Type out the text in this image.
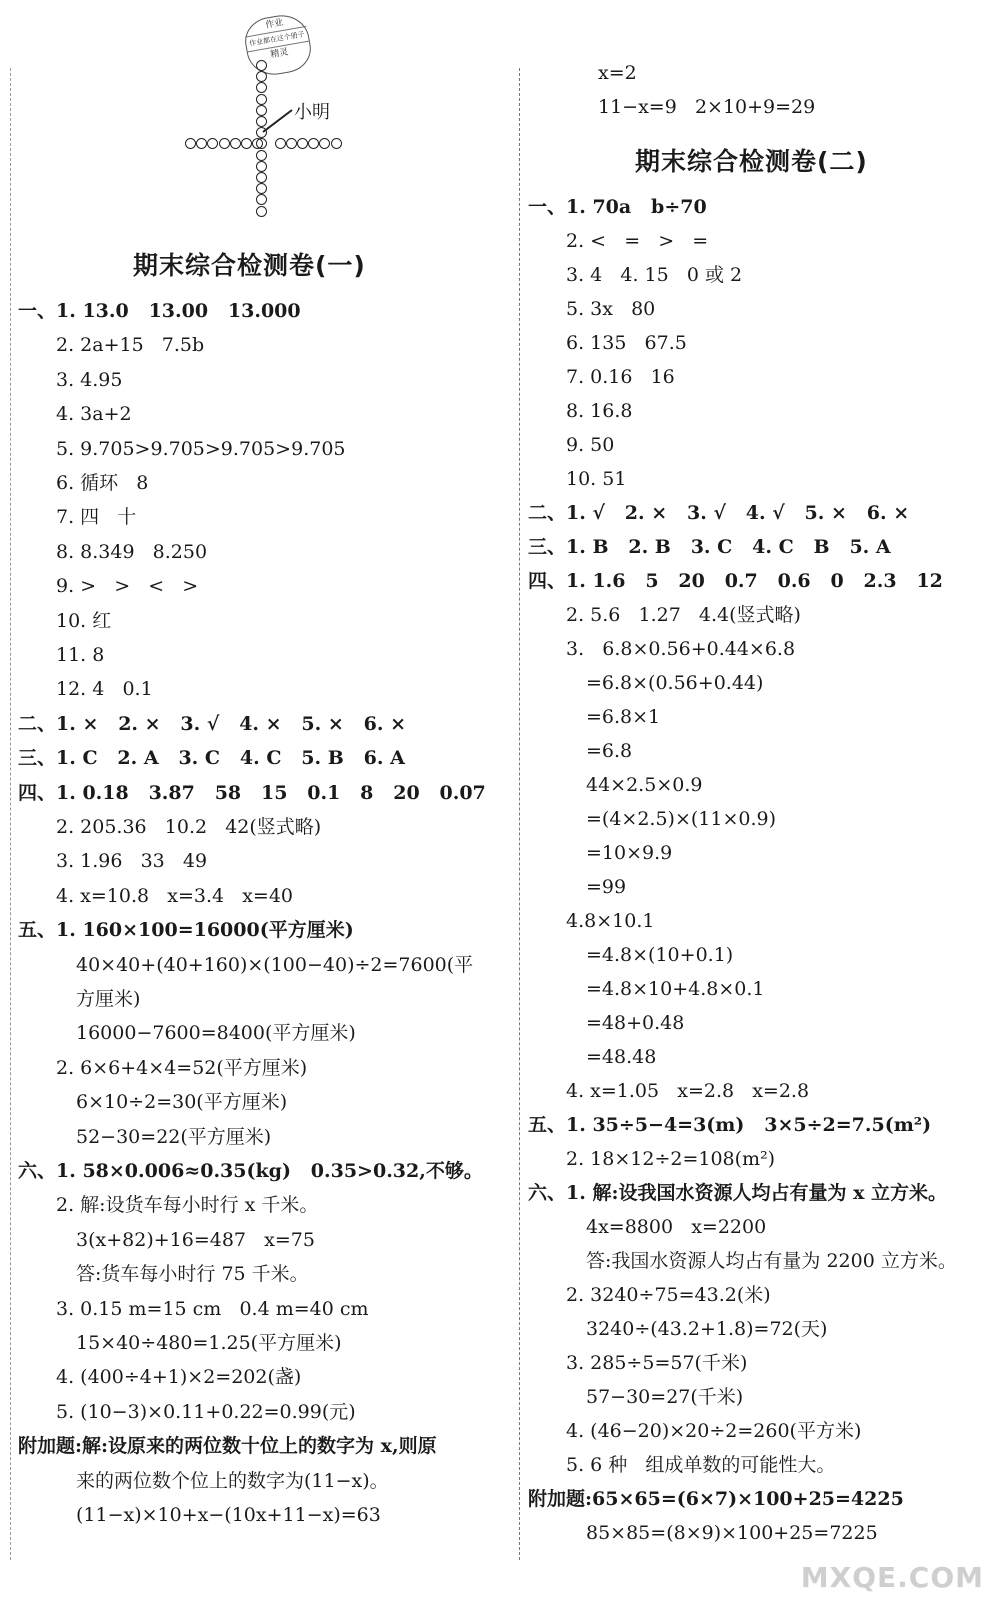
作业
作业都在这个册子
精灵
小明
期末综合检测卷(一)
一、1. 13.0   13.00   13.000
2. 2a+15   7.5b
3. 4.95
4. 3a+2
5. 9.705>9.705>9.705>9.705
6. 循环   8
7. 四   十
8. 8.349   8.250
9. >   >   <   >
10. 红
11. 8
12. 4   0.1
二、1. ×   2. ×   3. √   4. ×   5. ×   6. ×
三、1. C   2. A   3. C   4. C   5. B   6. A
四、1. 0.18   3.87   58   15   0.1   8   20   0.07
2. 205.36   10.2   42(竖式略)
3. 1.96   33   49
4. x=10.8   x=3.4   x=40
五、1. 160×100=16000(平方厘米)
40×40+(40+160)×(100−40)÷2=7600(平
方厘米)
16000−7600=8400(平方厘米)
2. 6×6+4×4=52(平方厘米)
6×10÷2=30(平方厘米)
52−30=22(平方厘米)
六、1. 58×0.006≈0.35(kg)   0.35>0.32,不够。
2. 解:设货车每小时行 x 千米。
3(x+82)+16=487   x=75
答:货车每小时行 75 千米。
3. 0.15 m=15 cm   0.4 m=40 cm
15×40÷480=1.25(平方厘米)
4. (400÷4+1)×2=202(盏)
5. (10−3)×0.11+0.22=0.99(元)
附加题:解:设原来的两位数十位上的数字为 x,则原
来的两位数个位上的数字为(11−x)。
(11−x)×10+x−(10x+11−x)=63
x=2
11−x=9   2×10+9=29
期末综合检测卷(二)
一、1. 70a   b÷70
2. <   =   >   =
3. 4   4. 15   0 或 2
5. 3x   80
6. 135   67.5
7. 0.16   16
8. 16.8
9. 50
10. 51
二、1. √   2. ×   3. √   4. √   5. ×   6. ×
三、1. B   2. B   3. C   4. C   B   5. A
四、1. 1.6   5   20   0.7   0.6   0   2.3   12
2. 5.6   1.27   4.4(竖式略)
3.   6.8×0.56+0.44×6.8
=6.8×(0.56+0.44)
=6.8×1
=6.8
44×2.5×0.9
=(4×2.5)×(11×0.9)
=10×9.9
=99
4.8×10.1
=4.8×(10+0.1)
=4.8×10+4.8×0.1
=48+0.48
=48.48
4. x=1.05   x=2.8   x=2.8
五、1. 35÷5−4=3(m)   3×5÷2=7.5(m²)
2. 18×12÷2=108(m²)
六、1. 解:设我国水资源人均占有量为 x 立方米。
4x=8800   x=2200
答:我国水资源人均占有量为 2200 立方米。
2. 3240÷75=43.2(米)
3240÷(43.2+1.8)=72(天)
3. 285÷5=57(千米)
57−30=27(千米)
4. (46−20)×20÷2=260(平方米)
5. 6 种   组成单数的可能性大。
附加题:65×65=(6×7)×100+25=4225
85×85=(8×9)×100+25=7225
MXQE.COM
